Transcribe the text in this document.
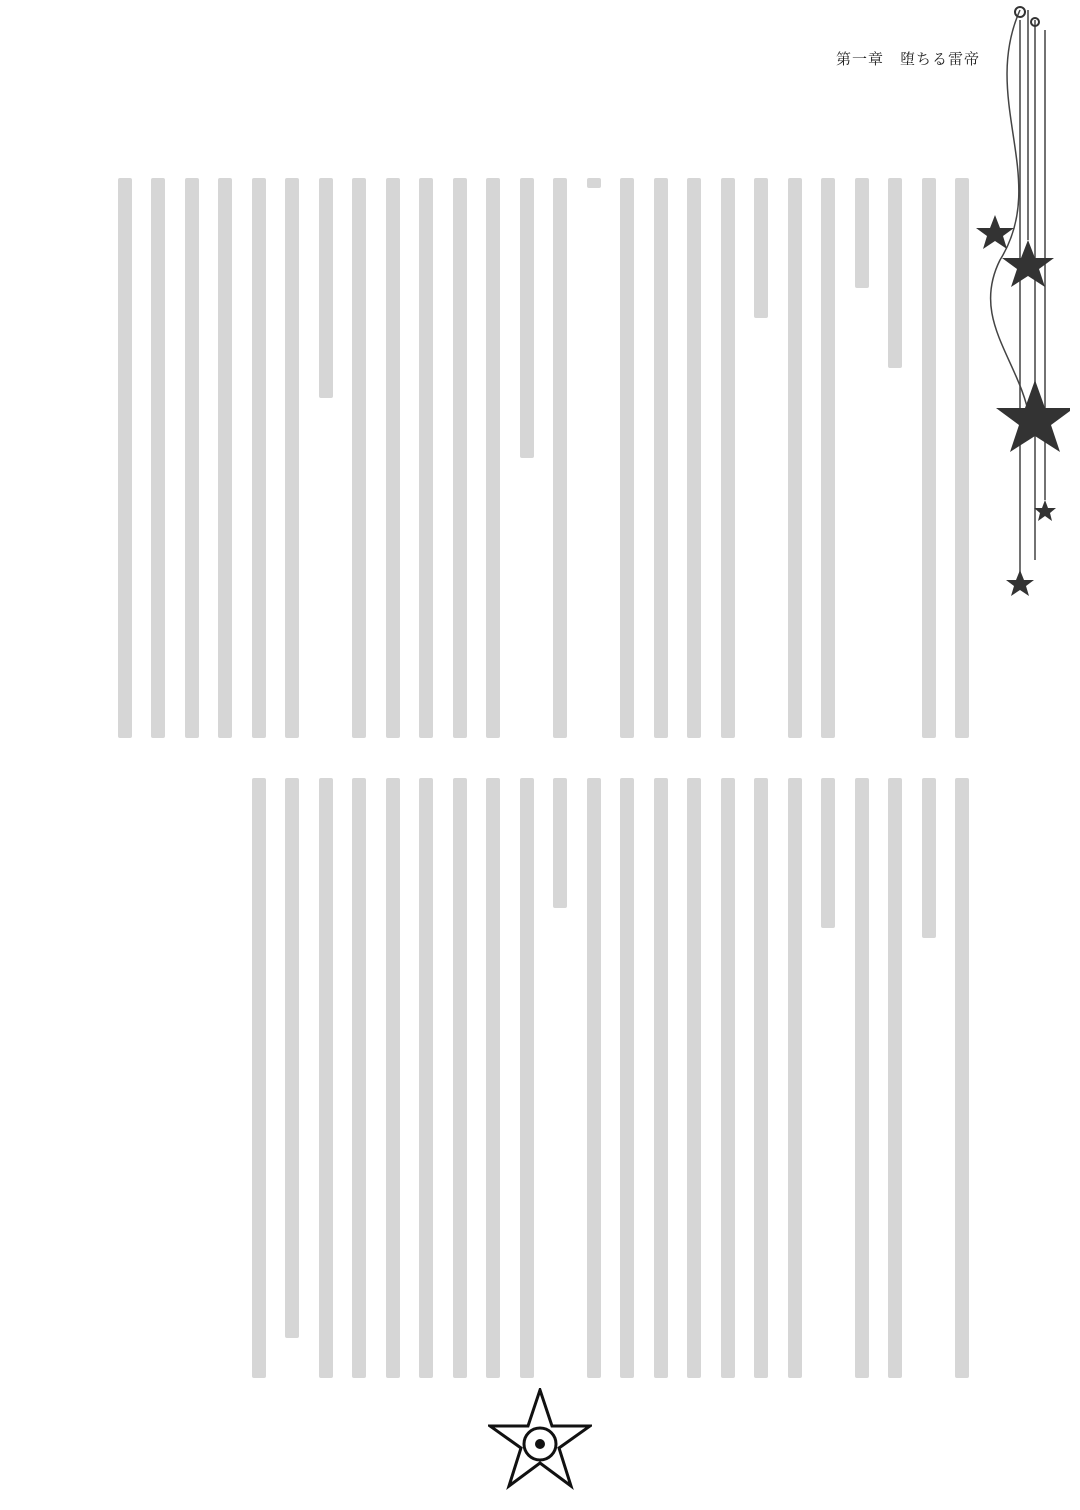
第一章　堕ちる雷帝
